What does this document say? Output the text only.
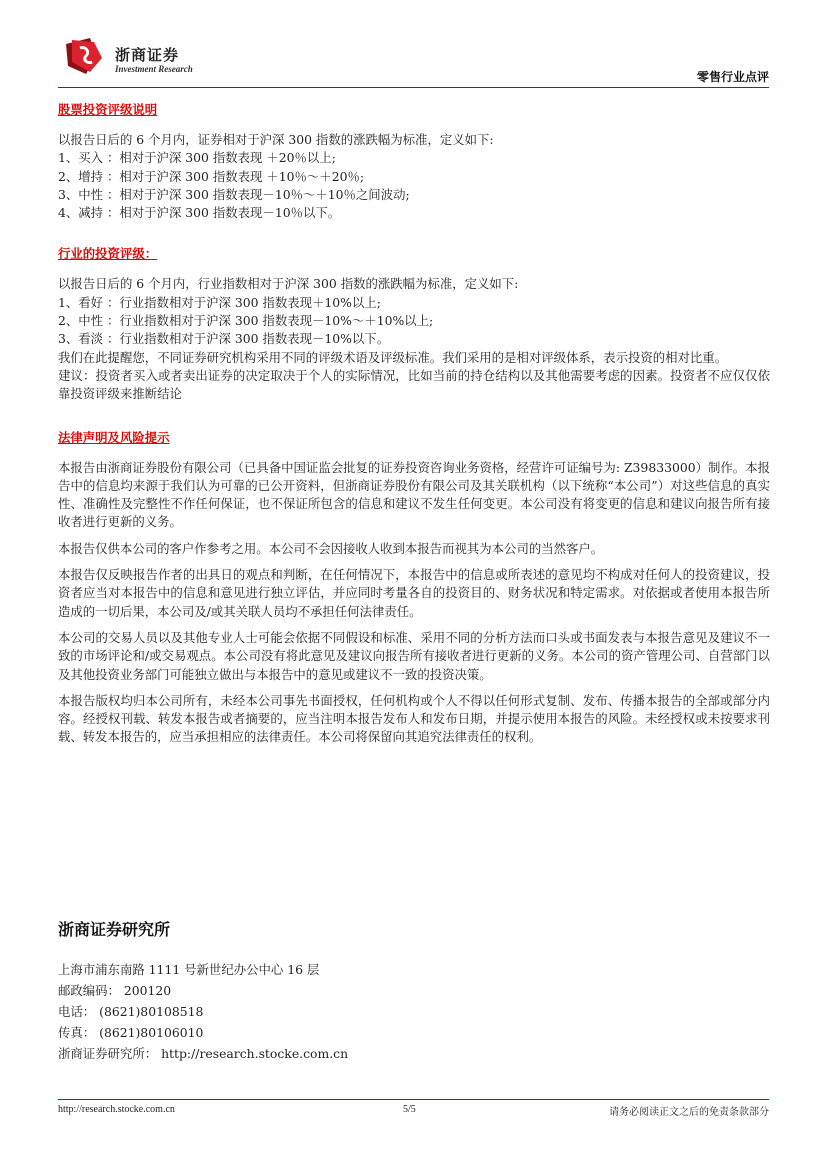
浙商证券
Investment Research
零售行业点评
股票投资评级说明
以报告日后的 6 个月内，证券相对于沪深 300 指数的涨跌幅为标准，定义如下:
1、买入 ：相对于沪深 300 指数表现 ＋20％以上;
2、增持 ：相对于沪深 300 指数表现 ＋10％～＋20％;
3、中性 ：相对于沪深 300 指数表现－10％～＋10％之间波动;
4、减持 ：相对于沪深 300 指数表现－10％以下。
行业的投资评级：
以报告日后的 6 个月内，行业指数相对于沪深 300 指数的涨跌幅为标准，定义如下:
1、看好 ：行业指数相对于沪深 300 指数表现＋10%以上;
2、中性 ：行业指数相对于沪深 300 指数表现－10%～＋10%以上;
3、看淡 ：行业指数相对于沪深 300 指数表现－10%以下。

我们在此提醒您，不同证券研究机构采用不同的评级术语及评级标准。我们采用的是相对评级体系，表示投资的相对比重。

建议：投资者买入或者卖出证券的决定取决于个人的实际情况，比如当前的持仓结构以及其他需要考虑的因素。投资者不应仅仅依靠投资评级来推断结论

法律声明及风险提示

本报告由浙商证券股份有限公司（已具备中国证监会批复的证券投资咨询业务资格，经营许可证编号为: Z39833000）制作。本报告中的信息均来源于我们认为可靠的已公开资料，但浙商证券股份有限公司及其关联机构（以下统称“本公司”）对这些信息的真实性、准确性及完整性不作任何保证，也不保证所包含的信息和建议不发生任何变更。本公司没有将变更的信息和建议向报告所有接收者进行更新的义务。

本报告仅供本公司的客户作参考之用。本公司不会因接收人收到本报告而视其为本公司的当然客户。

本报告仅反映报告作者的出具日的观点和判断，在任何情况下，本报告中的信息或所表述的意见均不构成对任何人的投资建议，投资者应当对本报告中的信息和意见进行独立评估，并应同时考量各自的投资目的、财务状况和特定需求。对依据或者使用本报告所造成的一切后果，本公司及/或其关联人员均不承担任何法律责任。

本公司的交易人员以及其他专业人士可能会依据不同假设和标准、采用不同的分析方法而口头或书面发表与本报告意见及建议不一致的市场评论和/或交易观点。本公司没有将此意见及建议向报告所有接收者进行更新的义务。本公司的资产管理公司、自营部门以及其他投资业务部门可能独立做出与本报告中的意见或建议不一致的投资决策。

本报告版权均归本公司所有，未经本公司事先书面授权，任何机构或个人不得以任何形式复制、发布、传播本报告的全部或部分内容。经授权刊载、转发本报告或者摘要的，应当注明本报告发布人和发布日期，并提示使用本报告的风险。未经授权或未按要求刊载、转发本报告的，应当承担相应的法律责任。本公司将保留向其追究法律责任的权利。

浙商证券研究所
上海市浦东南路 1111 号新世纪办公中心 16 层
邮政编码： 200120
电话： (8621)80108518
传真： (8621)80106010
浙商证券研究所： http://research.stocke.com.cn
http://research.stocke.com.cn	5/5	请务必阅读正文之后的免责条款部分
